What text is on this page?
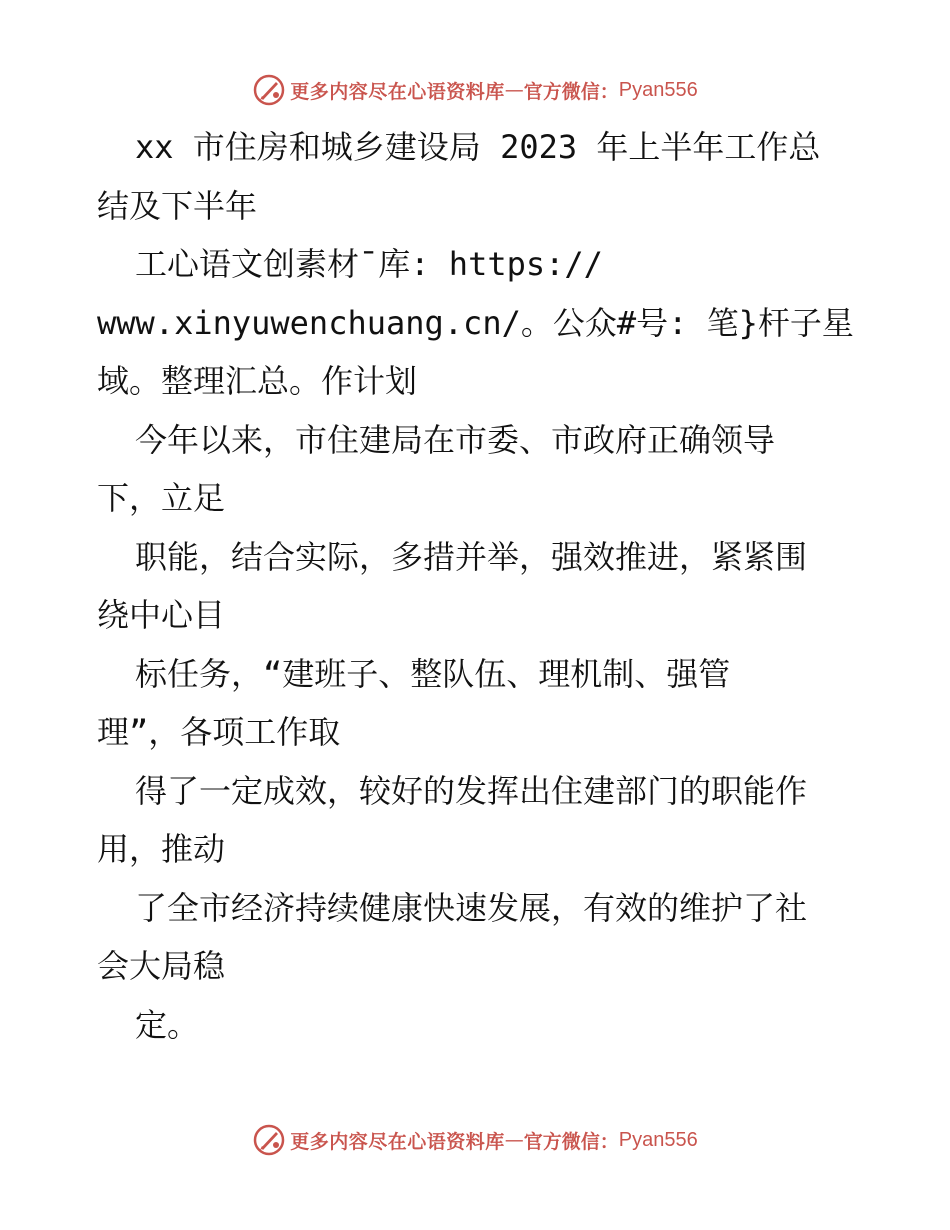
更多内容尽在心语资料库 — 官方微信： Pyan556
xx 市住房和城乡建设局 2023 年上半年工作总
结及下半年
工心语文创素材¯库: https://
www.xinyuwenchuang.cn/。公众#号: 笔}杆子星
域。整理汇总。作计划
今年以来，市住建局在市委、市政府正确领导
下，立足
职能，结合实际，多措并举，强效推进，紧紧围
绕中心目
标任务，“建班子、整队伍、理机制、强管
理”，各项工作取
得了一定成效，较好的发挥出住建部门的职能作
用，推动
了全市经济持续健康快速发展，有效的维护了社
会大局稳
定。
更多内容尽在心语资料库 — 官方微信： Pyan556
